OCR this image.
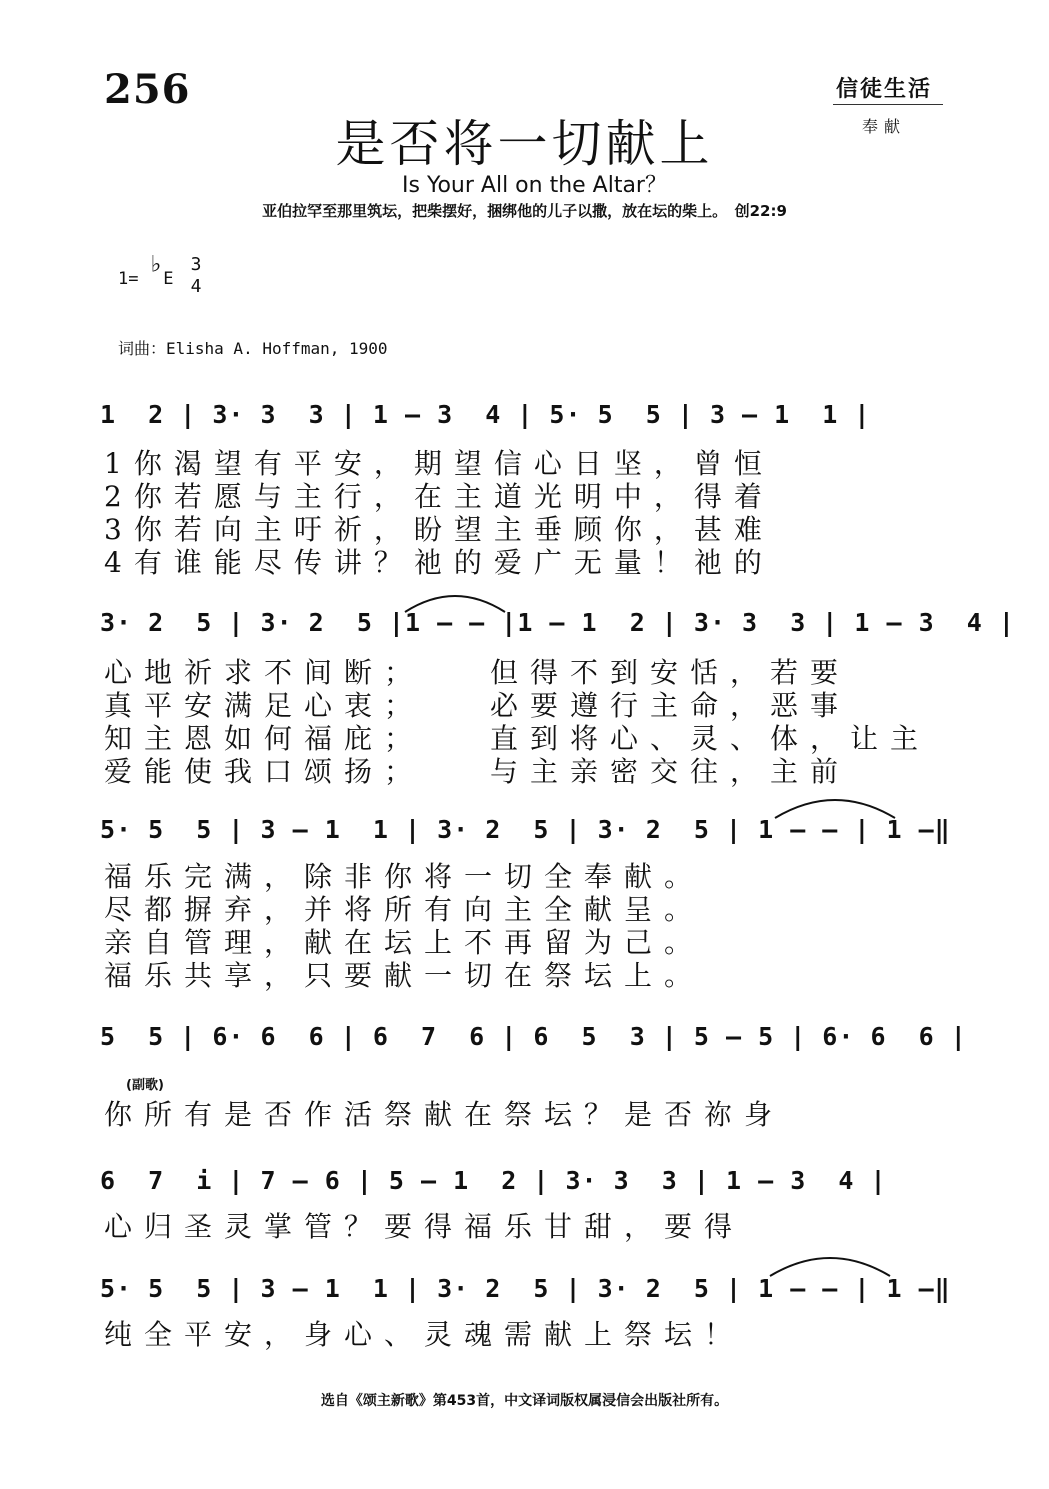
256	信徒生活
奉献
是否将一切献上
Is Your All on the Altar？
亚伯拉罕至那里筑坛，把柴摆好，捆绑他的儿子以撒，放在坛的柴上。　创22:9
1= ♭E
3
4
词曲：Elisha A. Hoffman, 1900
1  2 | 3· 3  3 | 1 – 3  4 | 5· 5  5 | 3 – 1  1 |
1你渴望有平安，期望信心日坚，曾恒
2你若愿与主行，在主道光明中，得着
3你若向主吁祈，盼望主垂顾你，甚难
4有谁能尽传讲？祂的爱广无量！祂的
3· 2  5 | 3· 2  5 |1 – – |1 – 1  2 | 3· 3  3 | 1 – 3  4 |
心地祈求不间断；　　但得不到安恬，若要
真平安满足心衷；　　必要遵行主命，恶事
知主恩如何福庇；　　直到将心、灵、体，让主
爱能使我口颂扬；　　与主亲密交往，主前
5· 5  5 | 3 – 1  1 | 3· 2  5 | 3· 2  5 | 1 – – | 1 –‖
福乐完满，除非你将一切全奉献。
尽都摒弃，并将所有向主全献呈。
亲自管理，献在坛上不再留为己。
福乐共享，只要献一切在祭坛上。
5  5 | 6· 6  6 | 6  7  6 | 6  5  3 | 5 – 5 | 6· 6  6 |
(副歌)
你所有是否作活祭献在祭坛？是否祢身
6  7  i | 7 – 6 | 5 – 1  2 | 3· 3  3 | 1 – 3  4 |
心归圣灵掌管？要得福乐甘甜，要得
5· 5  5 | 3 – 1  1 | 3· 2  5 | 3· 2  5 | 1 – – | 1 –‖
纯全平安，身心、灵魂需献上祭坛！
选自《颂主新歌》第453首，中文译词版权属浸信会出版社所有。
